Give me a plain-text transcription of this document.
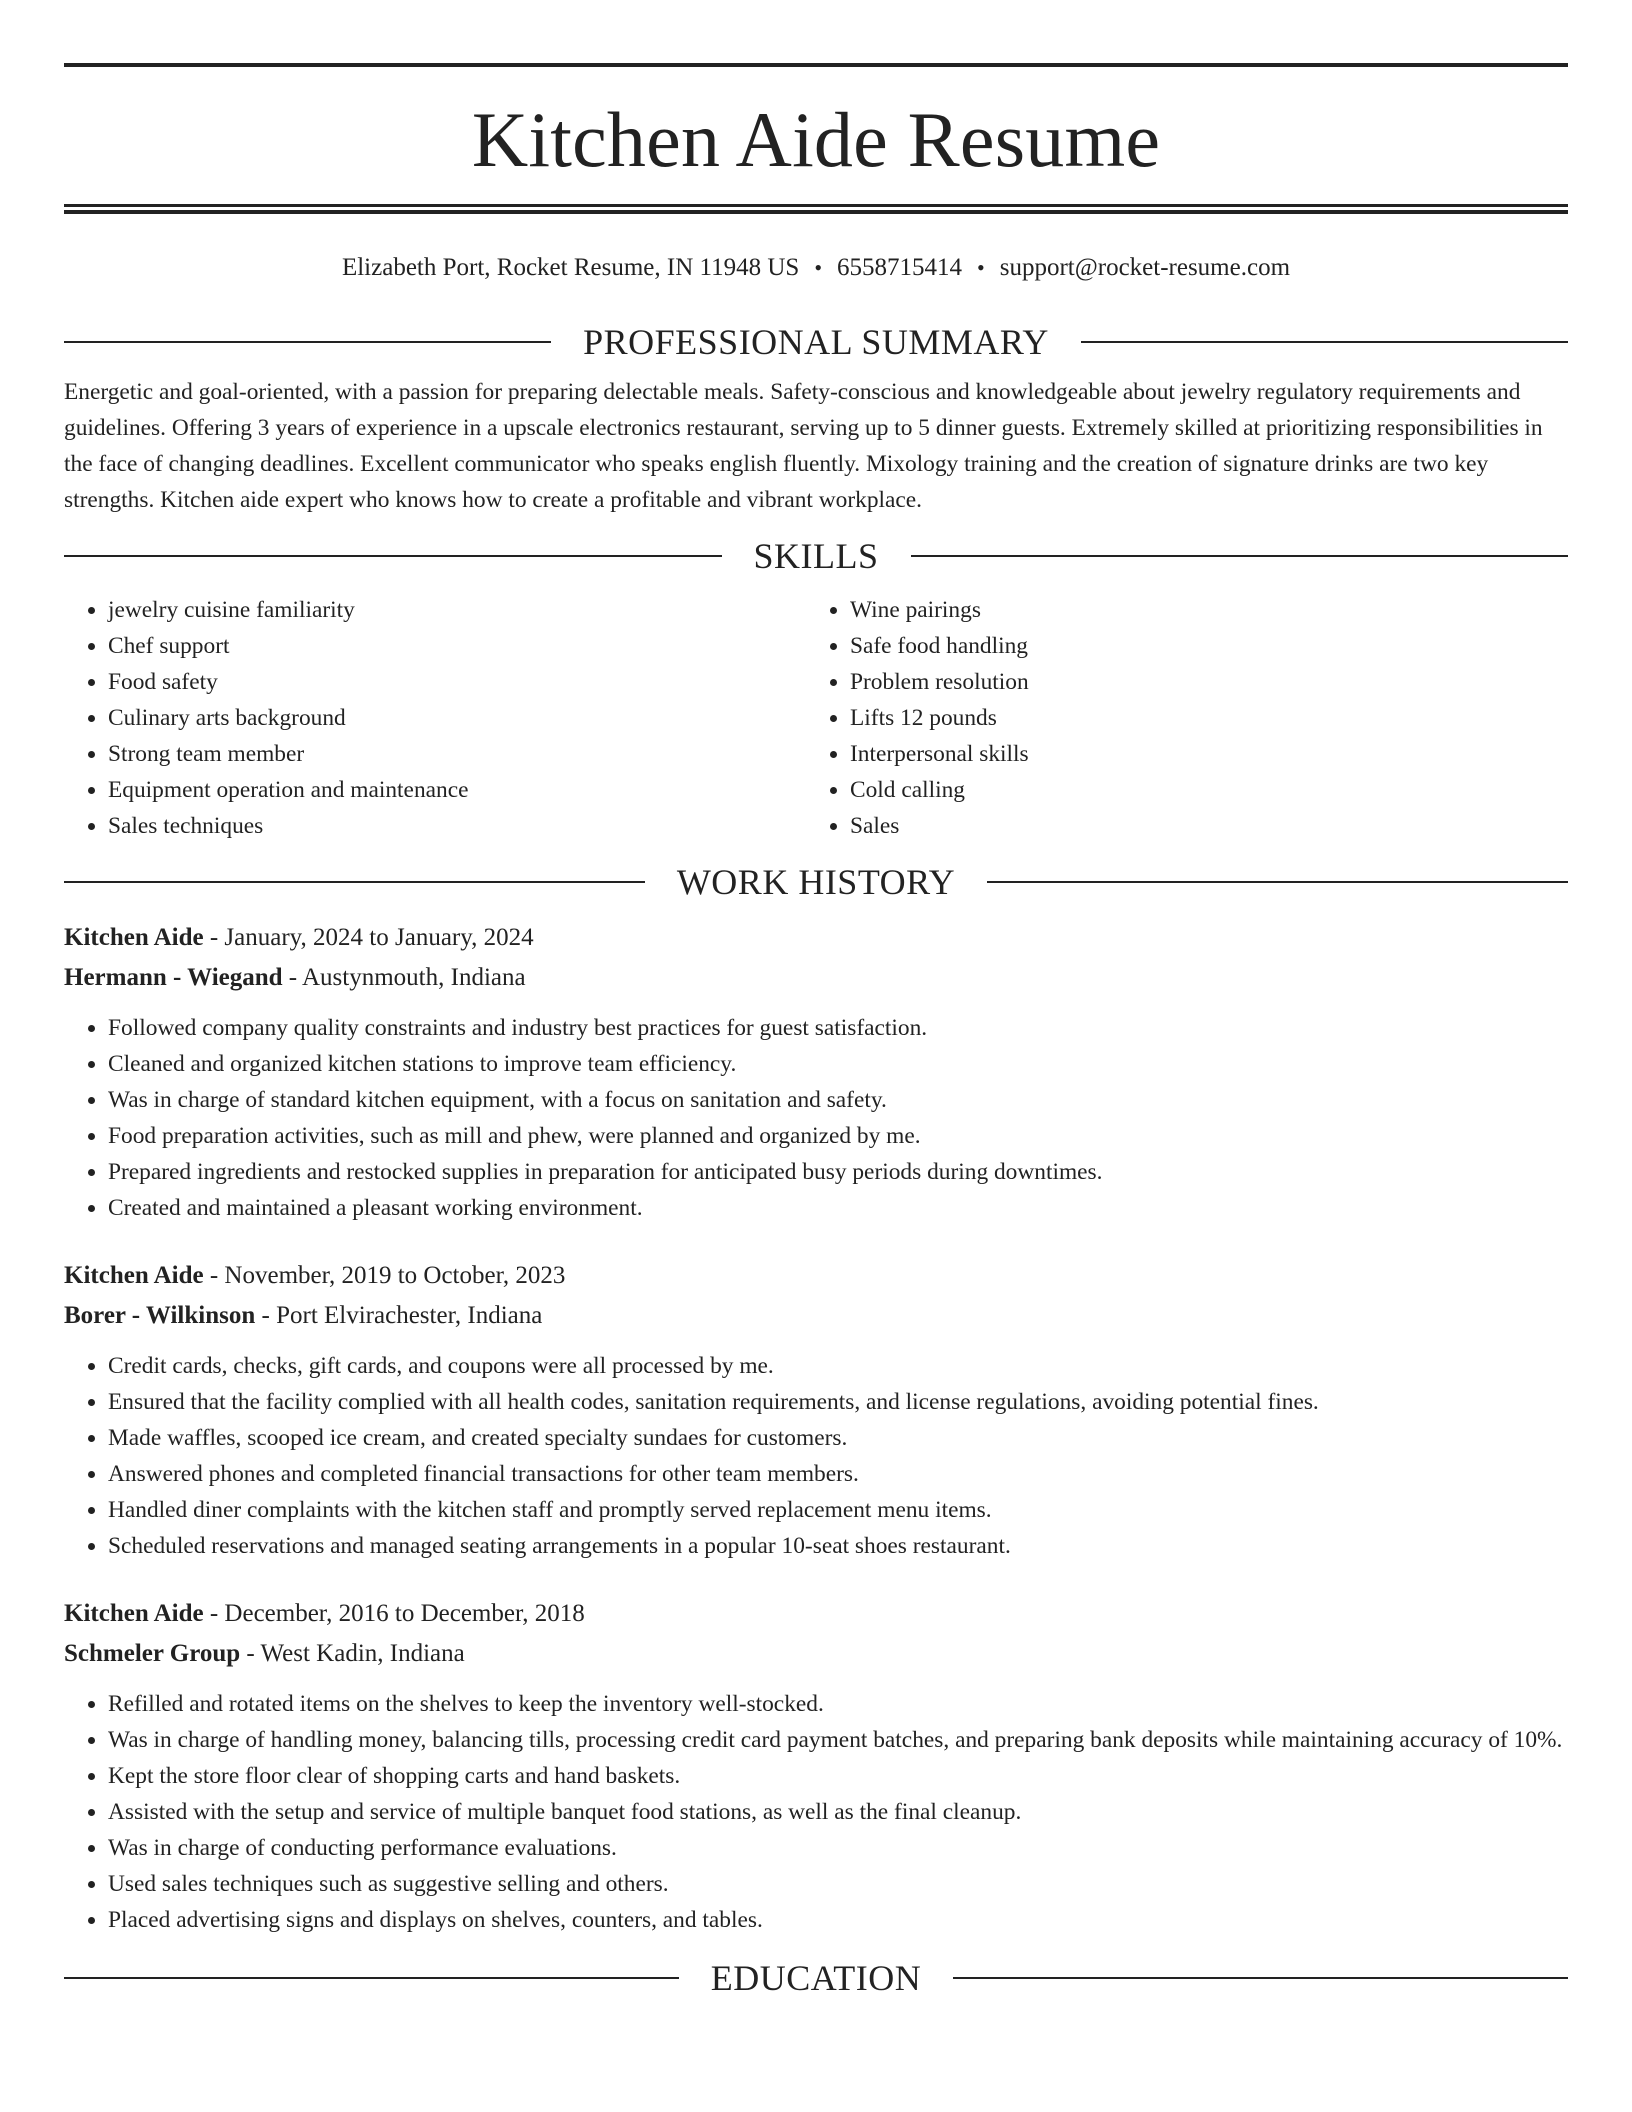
Kitchen Aide Resume
Elizabeth Port, Rocket Resume, IN 11948 US • 6558715414 • support@rocket-resume.com
PROFESSIONAL SUMMARY

Energetic and goal-oriented, with a passion for preparing delectable meals. Safety-conscious and knowledgeable about jewelry regulatory requirements and guidelines. Offering 3 years of experience in a upscale electronics restaurant, serving up to 5 dinner guests. Extremely skilled at prioritizing responsibilities in the face of changing deadlines. Excellent communicator who speaks english fluently. Mixology training and the creation of signature drinks are two key strengths. Kitchen aide expert who knows how to create a profitable and vibrant workplace.

SKILLS
• jewelry cuisine familiarity
• Chef support
• Food safety
• Culinary arts background
• Strong team member
• Equipment operation and maintenance
• Sales techniques
• Wine pairings
• Safe food handling
• Problem resolution
• Lifts 12 pounds
• Interpersonal skills
• Cold calling
• Sales
WORK HISTORY
Kitchen Aide - January, 2024 to January, 2024
Hermann - Wiegand - Austynmouth, Indiana
• Followed company quality constraints and industry best practices for guest satisfaction.
• Cleaned and organized kitchen stations to improve team efficiency.
• Was in charge of standard kitchen equipment, with a focus on sanitation and safety.
• Food preparation activities, such as mill and phew, were planned and organized by me.
• Prepared ingredients and restocked supplies in preparation for anticipated busy periods during downtimes.
• Created and maintained a pleasant working environment.
Kitchen Aide - November, 2019 to October, 2023
Borer - Wilkinson - Port Elvirachester, Indiana
• Credit cards, checks, gift cards, and coupons were all processed by me.
• Ensured that the facility complied with all health codes, sanitation requirements, and license regulations, avoiding potential fines.
• Made waffles, scooped ice cream, and created specialty sundaes for customers.
• Answered phones and completed financial transactions for other team members.
• Handled diner complaints with the kitchen staff and promptly served replacement menu items.
• Scheduled reservations and managed seating arrangements in a popular 10-seat shoes restaurant.
Kitchen Aide - December, 2016 to December, 2018
Schmeler Group - West Kadin, Indiana
• Refilled and rotated items on the shelves to keep the inventory well-stocked.
• Was in charge of handling money, balancing tills, processing credit card payment batches, and preparing bank deposits while maintaining accuracy of 10%.
• Kept the store floor clear of shopping carts and hand baskets.
• Assisted with the setup and service of multiple banquet food stations, as well as the final cleanup.
• Was in charge of conducting performance evaluations.
• Used sales techniques such as suggestive selling and others.
• Placed advertising signs and displays on shelves, counters, and tables.
EDUCATION
